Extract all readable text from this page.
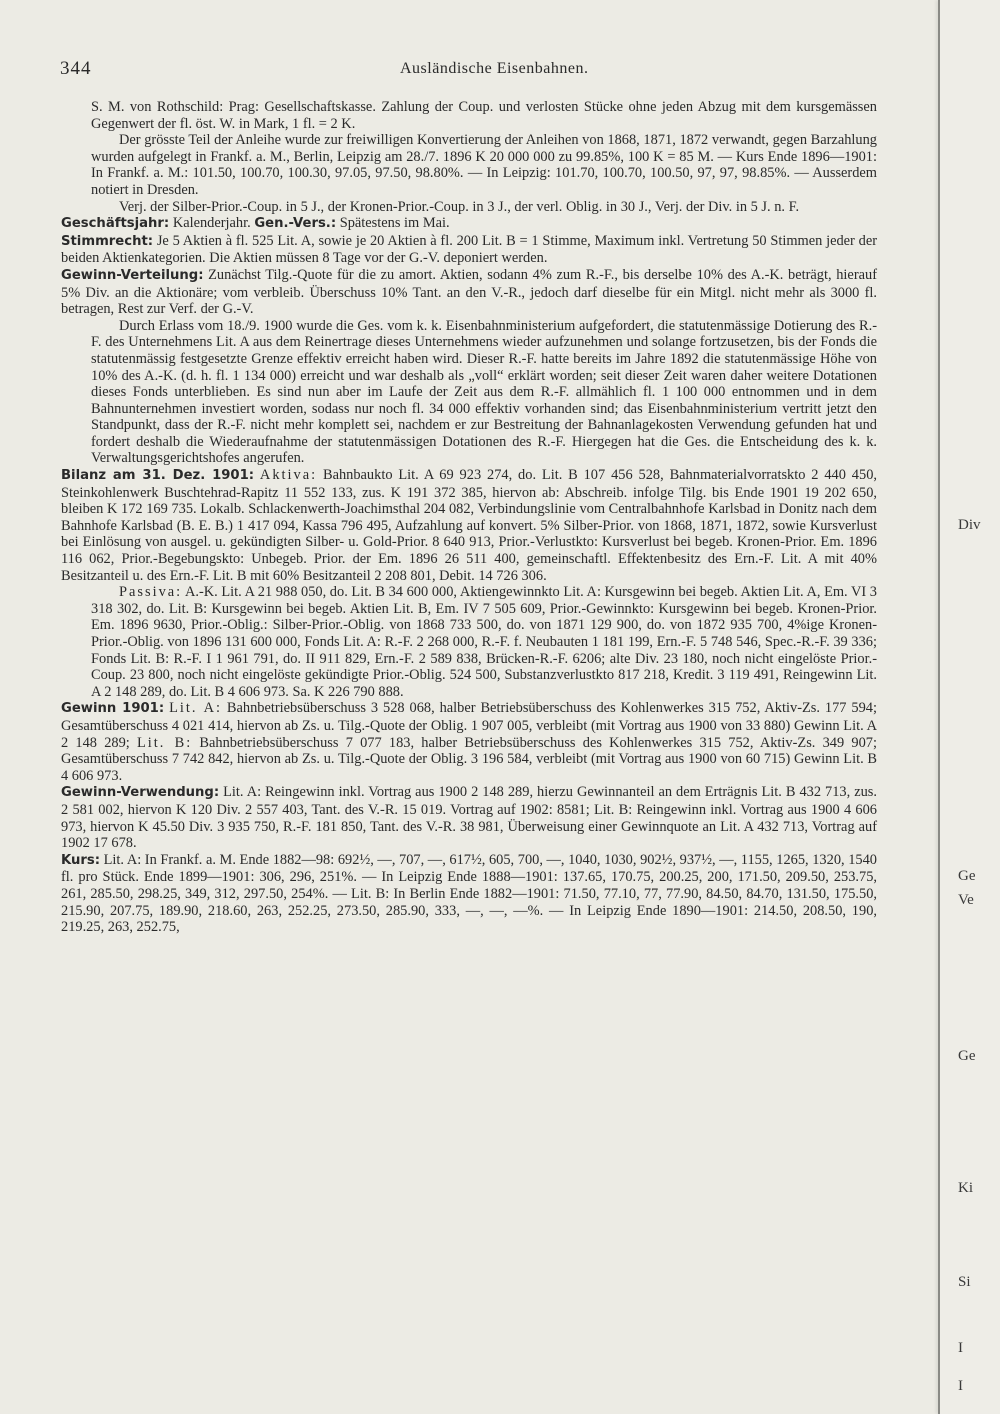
344	Ausländische Eisenbahnen.

S. M. von Rothschild: Prag: Gesellschaftskasse. Zahlung der Coup. und verlosten Stücke ohne jeden Abzug mit dem kursgemässen Gegenwert der fl. öst. W. in Mark, 1 fl. = 2 K.

Der grösste Teil der Anleihe wurde zur freiwilligen Konvertierung der Anleihen von 1868, 1871, 1872 verwandt, gegen Barzahlung wurden aufgelegt in Frankf. a. M., Berlin, Leipzig am 28./7. 1896 K 20 000 000 zu 99.85%, 100 K = 85 M. — Kurs Ende 1896—1901: In Frankf. a. M.: 101.50, 100.70, 100.30, 97.05, 97.50, 98.80%. — In Leipzig: 101.70, 100.70, 100.50, 97, 97, 98.85%. — Ausserdem notiert in Dresden.

Verj. der Silber-Prior.-Coup. in 5 J., der Kronen-Prior.-Coup. in 3 J., der verl. Oblig. in 30 J., Verj. der Div. in 5 J. n. F.

Geschäftsjahr: Kalenderjahr. Gen.-Vers.: Spätestens im Mai.

Stimmrecht: Je 5 Aktien à fl. 525 Lit. A, sowie je 20 Aktien à fl. 200 Lit. B = 1 Stimme, Maximum inkl. Vertretung 50 Stimmen jeder der beiden Aktienkategorien. Die Aktien müssen 8 Tage vor der G.-V. deponiert werden.

Gewinn-Verteilung: Zunächst Tilg.-Quote für die zu amort. Aktien, sodann 4% zum R.-F., bis derselbe 10% des A.-K. beträgt, hierauf 5% Div. an die Aktionäre; vom verbleib. Überschuss 10% Tant. an den V.-R., jedoch darf dieselbe für ein Mitgl. nicht mehr als 3000 fl. betragen, Rest zur Verf. der G.-V.

Durch Erlass vom 18./9. 1900 wurde die Ges. vom k. k. Eisenbahnministerium aufgefordert, die statutenmässige Dotierung des R.-F. des Unternehmens Lit. A aus dem Reinertrage dieses Unternehmens wieder aufzunehmen und solange fortzusetzen, bis der Fonds die statutenmässig festgesetzte Grenze effektiv erreicht haben wird. Dieser R.-F. hatte bereits im Jahre 1892 die statutenmässige Höhe von 10% des A.-K. (d. h. fl. 1 134 000) erreicht und war deshalb als „voll“ erklärt worden; seit dieser Zeit waren daher weitere Dotationen dieses Fonds unterblieben. Es sind nun aber im Laufe der Zeit aus dem R.-F. allmählich fl. 1 100 000 entnommen und in dem Bahnunternehmen investiert worden, sodass nur noch fl. 34 000 effektiv vorhanden sind; das Eisenbahnministerium vertritt jetzt den Standpunkt, dass der R.-F. nicht mehr komplett sei, nachdem er zur Bestreitung der Bahnanlagekosten Verwendung gefunden hat und fordert deshalb die Wiederaufnahme der statutenmässigen Dotationen des R.-F. Hiergegen hat die Ges. die Entscheidung des k. k. Verwaltungsgerichtshofes angerufen.

Bilanz am 31. Dez. 1901: Aktiva: Bahnbaukto Lit. A 69 923 274, do. Lit. B 107 456 528, Bahnmaterialvorratskto 2 440 450, Steinkohlenwerk Buschtehrad-Rapitz 11 552 133, zus. K 191 372 385, hiervon ab: Abschreib. infolge Tilg. bis Ende 1901 19 202 650, bleiben K 172 169 735. Lokalb. Schlackenwerth-Joachimsthal 204 082, Verbindungslinie vom Centralbahnhofe Karlsbad in Donitz nach dem Bahnhofe Karlsbad (B. E. B.) 1 417 094, Kassa 796 495, Aufzahlung auf konvert. 5% Silber-Prior. von 1868, 1871, 1872, sowie Kursverlust bei Einlösung von ausgel. u. gekündigten Silber- u. Gold-Prior. 8 640 913, Prior.-Verlustkto: Kursverlust bei begeb. Kronen-Prior. Em. 1896 116 062, Prior.-Begebungskto: Unbegeb. Prior. der Em. 1896 26 511 400, gemeinschaftl. Effektenbesitz des Ern.-F. Lit. A mit 40% Besitzanteil u. des Ern.-F. Lit. B mit 60% Besitzanteil 2 208 801, Debit. 14 726 306.

Passiva: A.-K. Lit. A 21 988 050, do. Lit. B 34 600 000, Aktiengewinnkto Lit. A: Kursgewinn bei begeb. Aktien Lit. A, Em. VI 3 318 302, do. Lit. B: Kursgewinn bei begeb. Aktien Lit. B, Em. IV 7 505 609, Prior.-Gewinnkto: Kursgewinn bei begeb. Kronen-Prior. Em. 1896 9630, Prior.-Oblig.: Silber-Prior.-Oblig. von 1868 733 500, do. von 1871 129 900, do. von 1872 935 700, 4%ige Kronen-Prior.-Oblig. von 1896 131 600 000, Fonds Lit. A: R.-F. 2 268 000, R.-F. f. Neubauten 1 181 199, Ern.-F. 5 748 546, Spec.-R.-F. 39 336; Fonds Lit. B: R.-F. I 1 961 791, do. II 911 829, Ern.-F. 2 589 838, Brücken-R.-F. 6206; alte Div. 23 180, noch nicht eingelöste Prior.-Coup. 23 800, noch nicht eingelöste gekündigte Prior.-Oblig. 524 500, Substanzverlustkto 817 218, Kredit. 3 119 491, Reingewinn Lit. A 2 148 289, do. Lit. B 4 606 973. Sa. K 226 790 888.

Gewinn 1901: Lit. A: Bahnbetriebsüberschuss 3 528 068, halber Betriebsüberschuss des Kohlenwerkes 315 752, Aktiv-Zs. 177 594; Gesamtüberschuss 4 021 414, hiervon ab Zs. u. Tilg.-Quote der Oblig. 1 907 005, verbleibt (mit Vortrag aus 1900 von 33 880) Gewinn Lit. A 2 148 289; Lit. B: Bahnbetriebsüberschuss 7 077 183, halber Betriebsüberschuss des Kohlenwerkes 315 752, Aktiv-Zs. 349 907; Gesamtüberschuss 7 742 842, hiervon ab Zs. u. Tilg.-Quote der Oblig. 3 196 584, verbleibt (mit Vortrag aus 1900 von 60 715) Gewinn Lit. B 4 606 973.

Gewinn-Verwendung: Lit. A: Reingewinn inkl. Vortrag aus 1900 2 148 289, hierzu Gewinnanteil an dem Erträgnis Lit. B 432 713, zus. 2 581 002, hiervon K 120 Div. 2 557 403, Tant. des V.-R. 15 019. Vortrag auf 1902: 8581; Lit. B: Reingewinn inkl. Vortrag aus 1900 4 606 973, hiervon K 45.50 Div. 3 935 750, R.-F. 181 850, Tant. des V.-R. 38 981, Überweisung einer Gewinnquote an Lit. A 432 713, Vortrag auf 1902 17 678.

Kurs: Lit. A: In Frankf. a. M. Ende 1882—98: 692½, —, 707, —, 617½, 605, 700, —, 1040, 1030, 902½, 937½, —, 1155, 1265, 1320, 1540 fl. pro Stück. Ende 1899—1901: 306, 296, 251%. — In Leipzig Ende 1888—1901: 137.65, 170.75, 200.25, 200, 171.50, 209.50, 253.75, 261, 285.50, 298.25, 349, 312, 297.50, 254%. — Lit. B: In Berlin Ende 1882—1901: 71.50, 77.10, 77, 77.90, 84.50, 84.70, 131.50, 175.50, 215.90, 207.75, 189.90, 218.60, 263, 252.25, 273.50, 285.90, 333, —, —, —%. — In Leipzig Ende 1890—1901: 214.50, 208.50, 190, 219.25, 263, 252.75,

Div
Ge
Ve
Ge
Ki
Si
I
I
